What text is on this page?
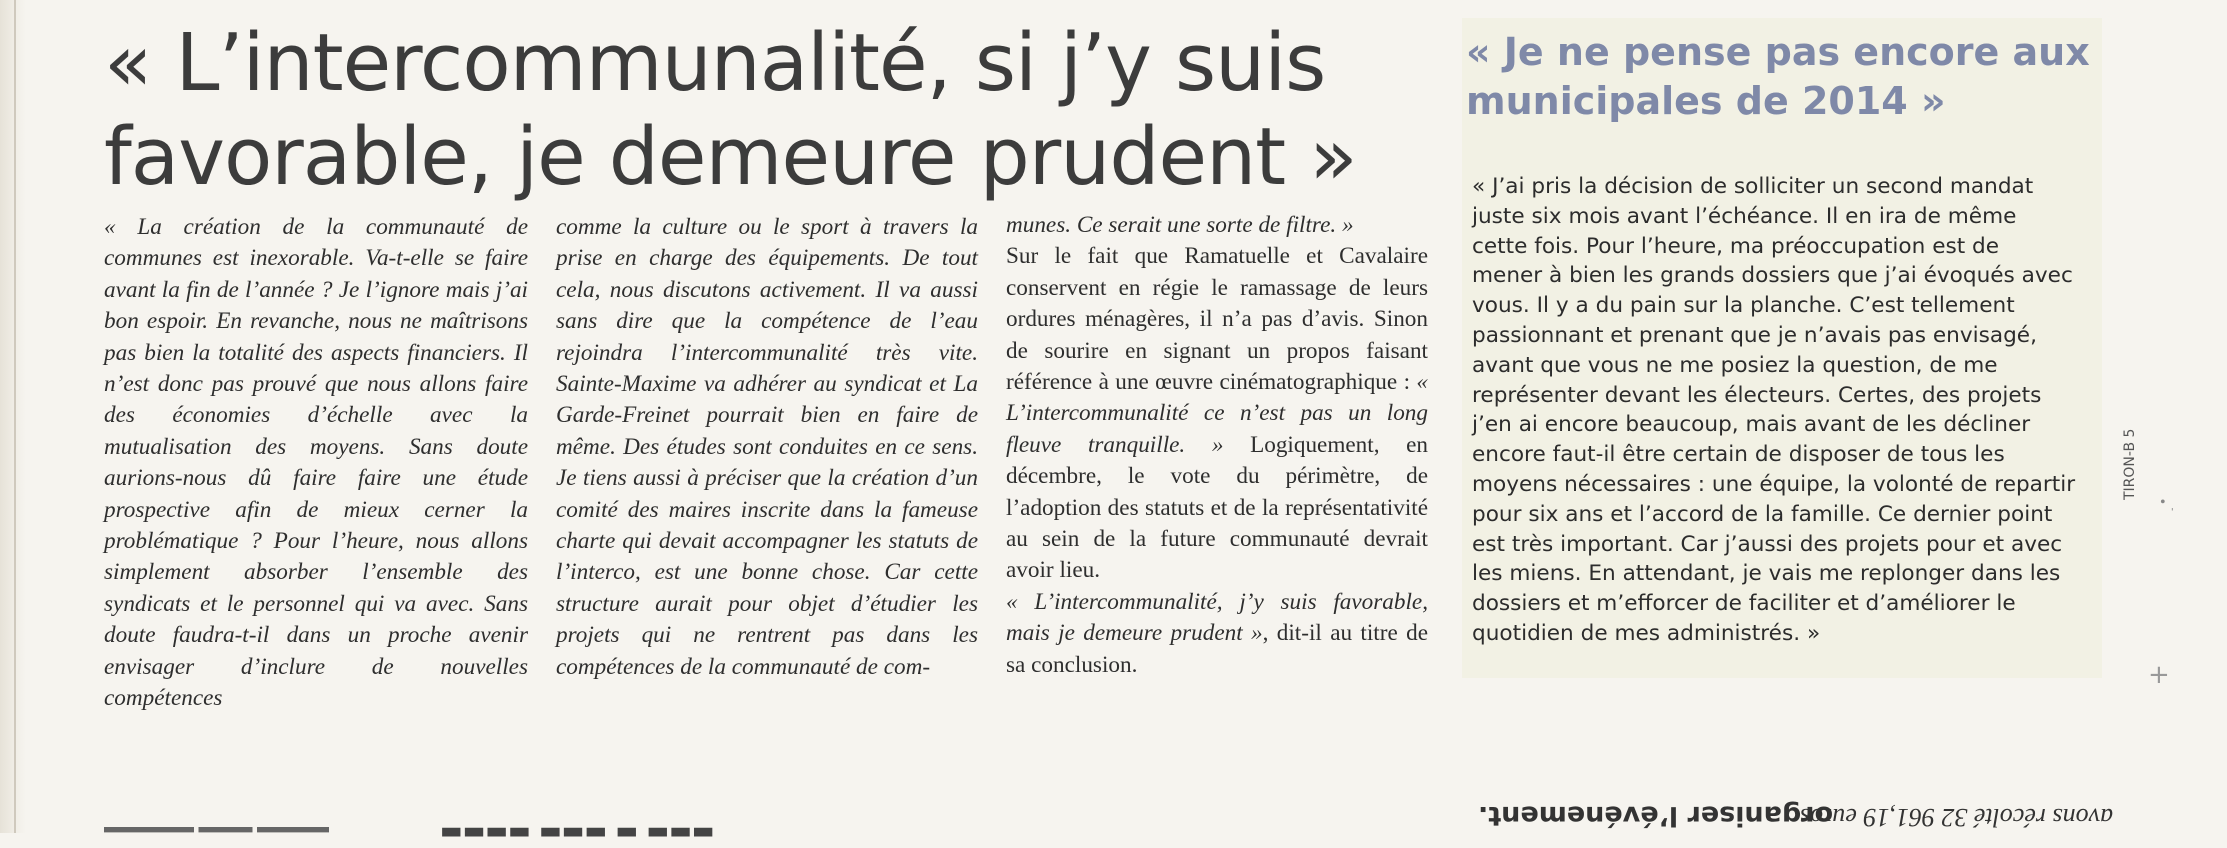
« L’intercommunalité, si j’y suis favorable, je demeure prudent »

« La création de la communauté de communes est inexorable. Va-t-elle se faire avant la fin de l’année ? Je l’ignore mais j’ai bon espoir. En revanche, nous ne maîtrisons pas bien la totalité des aspects financiers. Il n’est donc pas prouvé que nous allons faire des économies d’échelle avec la mutualisation des moyens. Sans doute aurions-nous dû faire faire une étude prospective afin de mieux cerner la problématique ? Pour l’heure, nous allons simplement absorber l’ensemble des syndicats et le personnel qui va avec. Sans doute faudra-t-il dans un proche avenir envisager d’inclure de nouvelles compétences

comme la culture ou le sport à travers la prise en charge des équipements. De tout cela, nous discutons activement. Il va aussi sans dire que la compétence de l’eau rejoindra l’intercommunalité très vite. Sainte-Maxime va adhérer au syndicat et La Garde-Freinet pourrait bien en faire de même. Des études sont conduites en ce sens. Je tiens aussi à préciser que la création d’un comité des maires inscrite dans la fameuse charte qui devait accompagner les statuts de l’interco, est une bonne chose. Car cette structure aurait pour objet d’étudier les projets qui ne rentrent pas dans les compétences de la communauté de com-

munes. Ce serait une sorte de filtre. »

Sur le fait que Ramatuelle et Cavalaire conservent en régie le ramassage de leurs ordures ménagères, il n’a pas d’avis. Sinon de sourire en signant un propos faisant référence à une œuvre cinématographique : « L’intercommunalité ce n’est pas un long fleuve tranquille. » Logiquement, en décembre, le vote du périmètre, de l’adoption des statuts et de la représentativité au sein de la future communauté devrait avoir lieu.

« L’intercommunalité, j’y suis favorable, mais je demeure prudent », dit-il au titre de sa conclusion.

« Je ne pense pas encore aux municipales de 2014 »

« J’ai pris la décision de solliciter un second mandat juste six mois avant l’échéance. Il en ira de même cette fois. Pour l’heure, ma préoccupation est de mener à bien les grands dossiers que j’ai évoqués avec vous. Il y a du pain sur la planche. C’est tellement passionnant et prenant que je n’avais pas envisagé, avant que vous ne me posiez la question, de me représenter devant les électeurs. Certes, des projets j’en ai encore beaucoup, mais avant de les décliner encore faut-il être certain de disposer de tous les moyens nécessaires : une équipe, la volonté de repartir pour six ans et l’accord de la famille. Ce dernier point est très important. Car j’aussi des projets pour et avec les miens. En attendant, je vais me replonger dans les dossiers et m’efforcer de faciliter et d’améliorer le quotidien de mes administrés. »

TIRON-B 5
• ˌ
+
organiser l’événement.
avons récolté 32 961,19 euros
▬▬▬ ▬ ▬▬▬ ▬▬▬▬
▬▬▬▬ ▬▬▬ ▬▬▬▬▬
